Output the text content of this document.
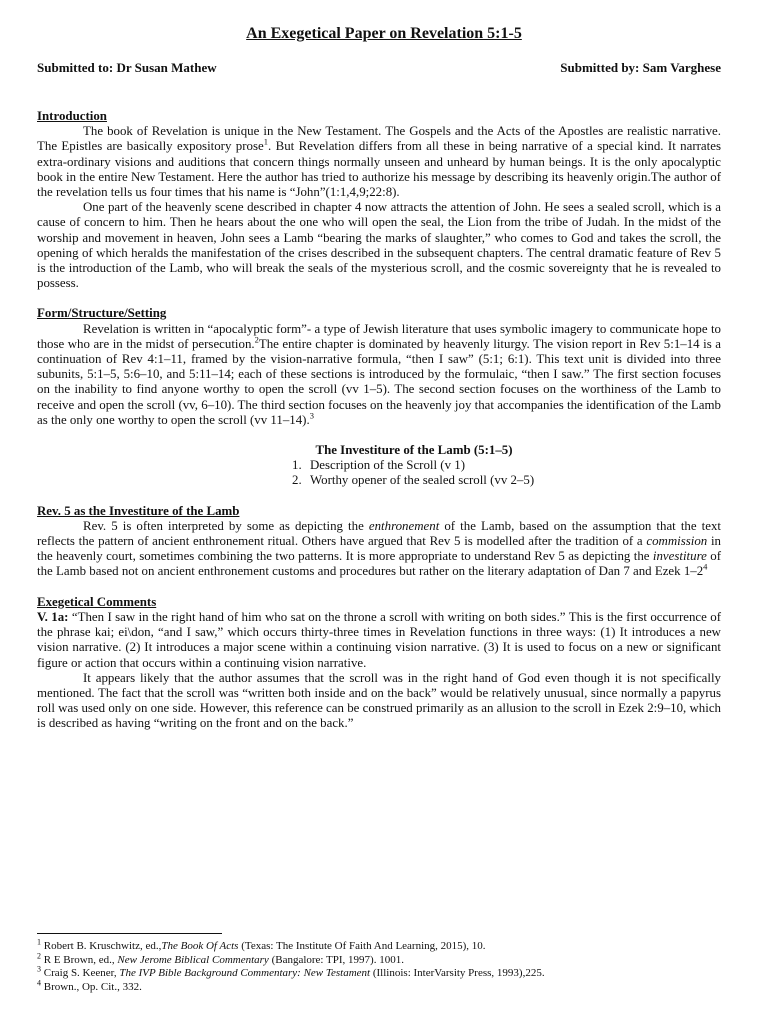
An Exegetical Paper on Revelation 5:1-5
Submitted to: Dr Susan Mathew	Submitted by: Sam Varghese
Introduction

The book of Revelation is unique in the New Testament. The Gospels and the Acts of the Apostles are realistic narrative. The Epistles are basically expository prose$^1$. But Revelation differs from all these in being narrative of a special kind. It narrates extra-ordinary visions and auditions that concern things normally unseen and unheard by human beings. It is the only apocalyptic book in the entire New Testament. Here the author has tried to authorize his message by describing its heavenly origin.The author of the revelation tells us four times that his name is “John”(1:1,4,9;22:8).

One part of the heavenly scene described in chapter 4 now attracts the attention of John. He sees a sealed scroll, which is a cause of concern to him. Then he hears about the one who will open the seal, the Lion from the tribe of Judah. In the midst of the worship and movement in heaven, John sees a Lamb “bearing the marks of slaughter,” who comes to God and takes the scroll, the opening of which heralds the manifestation of the crises described in the subsequent chapters. The central dramatic feature of Rev 5 is the introduction of the Lamb, who will break the seals of the mysterious scroll, and the cosmic sovereignty that he is revealed to possess.

Form/Structure/Setting

Revelation is written in “apocalyptic form”- a type of Jewish literature that uses symbolic imagery to communicate hope to those who are in the midst of persecution.$^2$The entire chapter is dominated by heavenly liturgy. The vision report in Rev 5:1–14 is a continuation of Rev 4:1–11, framed by the vision-narrative formula, “then I saw” (5:1; 6:1). This text unit is divided into three subunits, 5:1–5, 5:6–10, and 5:11–14; each of these sections is introduced by the formulaic, “then I saw.” The first section focuses on the inability to find anyone worthy to open the scroll (vv 1–5). The second section focuses on the worthiness of the Lamb to receive and open the scroll (vv, 6–10). The third section focuses on the heavenly joy that accompanies the identification of the Lamb as the only one worthy to open the scroll (vv 11–14).$^3$

The Investiture of the Lamb (5:1–5)
1. Description of the Scroll (v 1)
2. Worthy opener of the sealed scroll (vv 2–5)
Rev. 5 as the Investiture of the Lamb

Rev. 5 is often interpreted by some as depicting the enthronement of the Lamb, based on the assumption that the text reflects the pattern of ancient enthronement ritual. Others have argued that Rev 5 is modelled after the tradition of a commission in the heavenly court, sometimes combining the two patterns. It is more appropriate to understand Rev 5 as depicting the investiture of the Lamb based not on ancient enthronement customs and procedures but rather on the literary adaptation of Dan 7 and Ezek $1-2^4$

Exegetical Comments

V. 1a: “Then I saw in the right hand of him who sat on the throne a scroll with writing on both sides.” This is the first occurrence of the phrase kai; ei\don, “and I saw,” which occurs thirty-three times in Revelation functions in three ways: (1) It introduces a new vision narrative. (2) It introduces a major scene within a continuing vision narrative. (3) It is used to focus on a new or significant figure or action that occurs within a continuing vision narrative.

It appears likely that the author assumes that the scroll was in the right hand of God even though it is not specifically mentioned. The fact that the scroll was “written both inside and on the back” would be relatively unusual, since normally a papyrus roll was used only on one side. However, this reference can be construed primarily as an allusion to the scroll in Ezek 2:9–10, which is described as having “writing on the front and on the back.”

$^1$ Robert B. Kruschwitz, ed.,The Book Of Acts (Texas: The Institute Of Faith And Learning, 2015), 10.
$^2$ R E Brown, ed., New Jerome Biblical Commentary (Bangalore: TPI, 1997). 1001.
$^3$ Craig S. Keener, The IVP Bible Background Commentary: New Testament (Illinois: InterVarsity Press, 1993),225.
$^4$ Brown., Op. Cit., 332.
